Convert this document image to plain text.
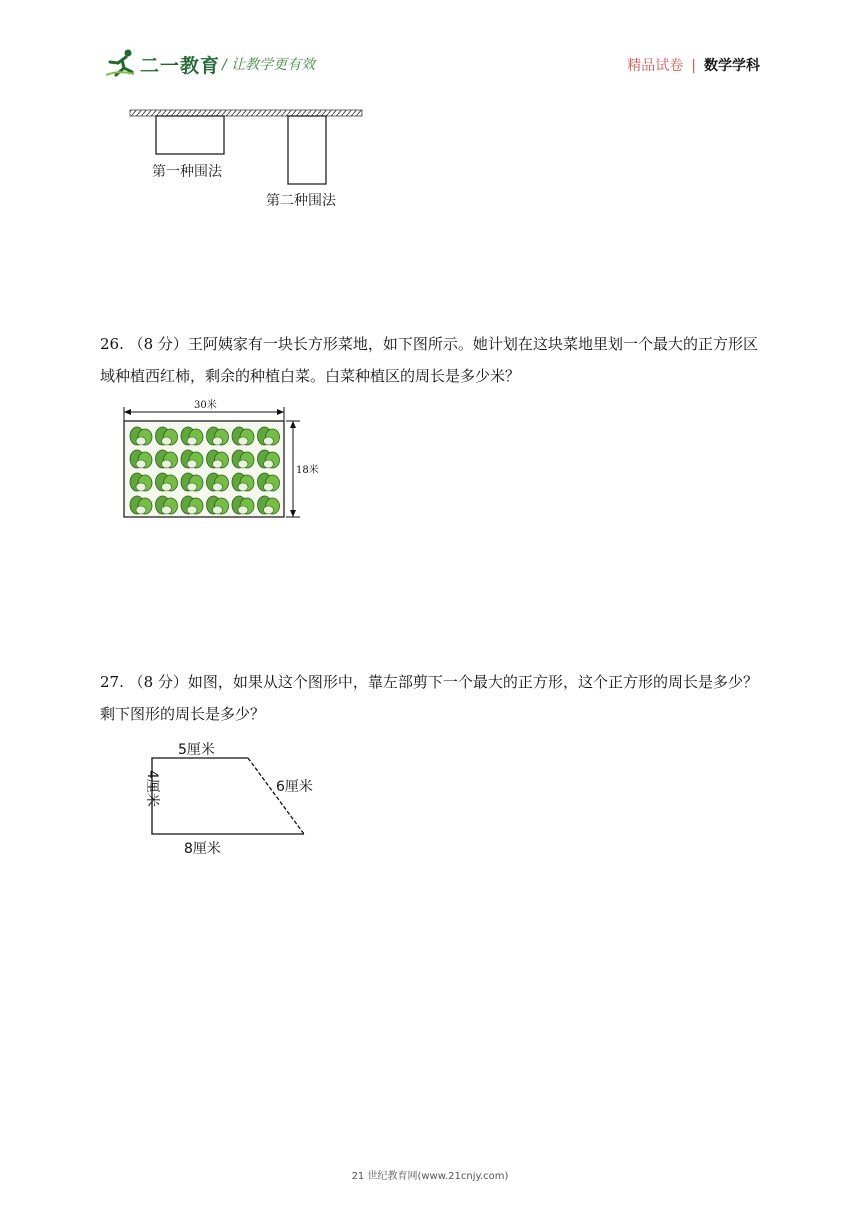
二一教育 / 让教学更有效	精品试卷 | 数学学科
第一种围法
第二种围法
26. （8 分）王阿姨家有一块长方形菜地，如下图所示。她计划在这块菜地里划一个最大的正方形区域种植西红柿，剩余的种植白菜。白菜种植区的周长是多少米？
30米
18米
27. （8 分）如图，如果从这个图形中，靠左部剪下一个最大的正方形，这个正方形的周长是多少？剩下图形的周长是多少？
5厘米
6厘米
4厘米
8厘米
21 世纪教育网(www.21cnjy.com)
